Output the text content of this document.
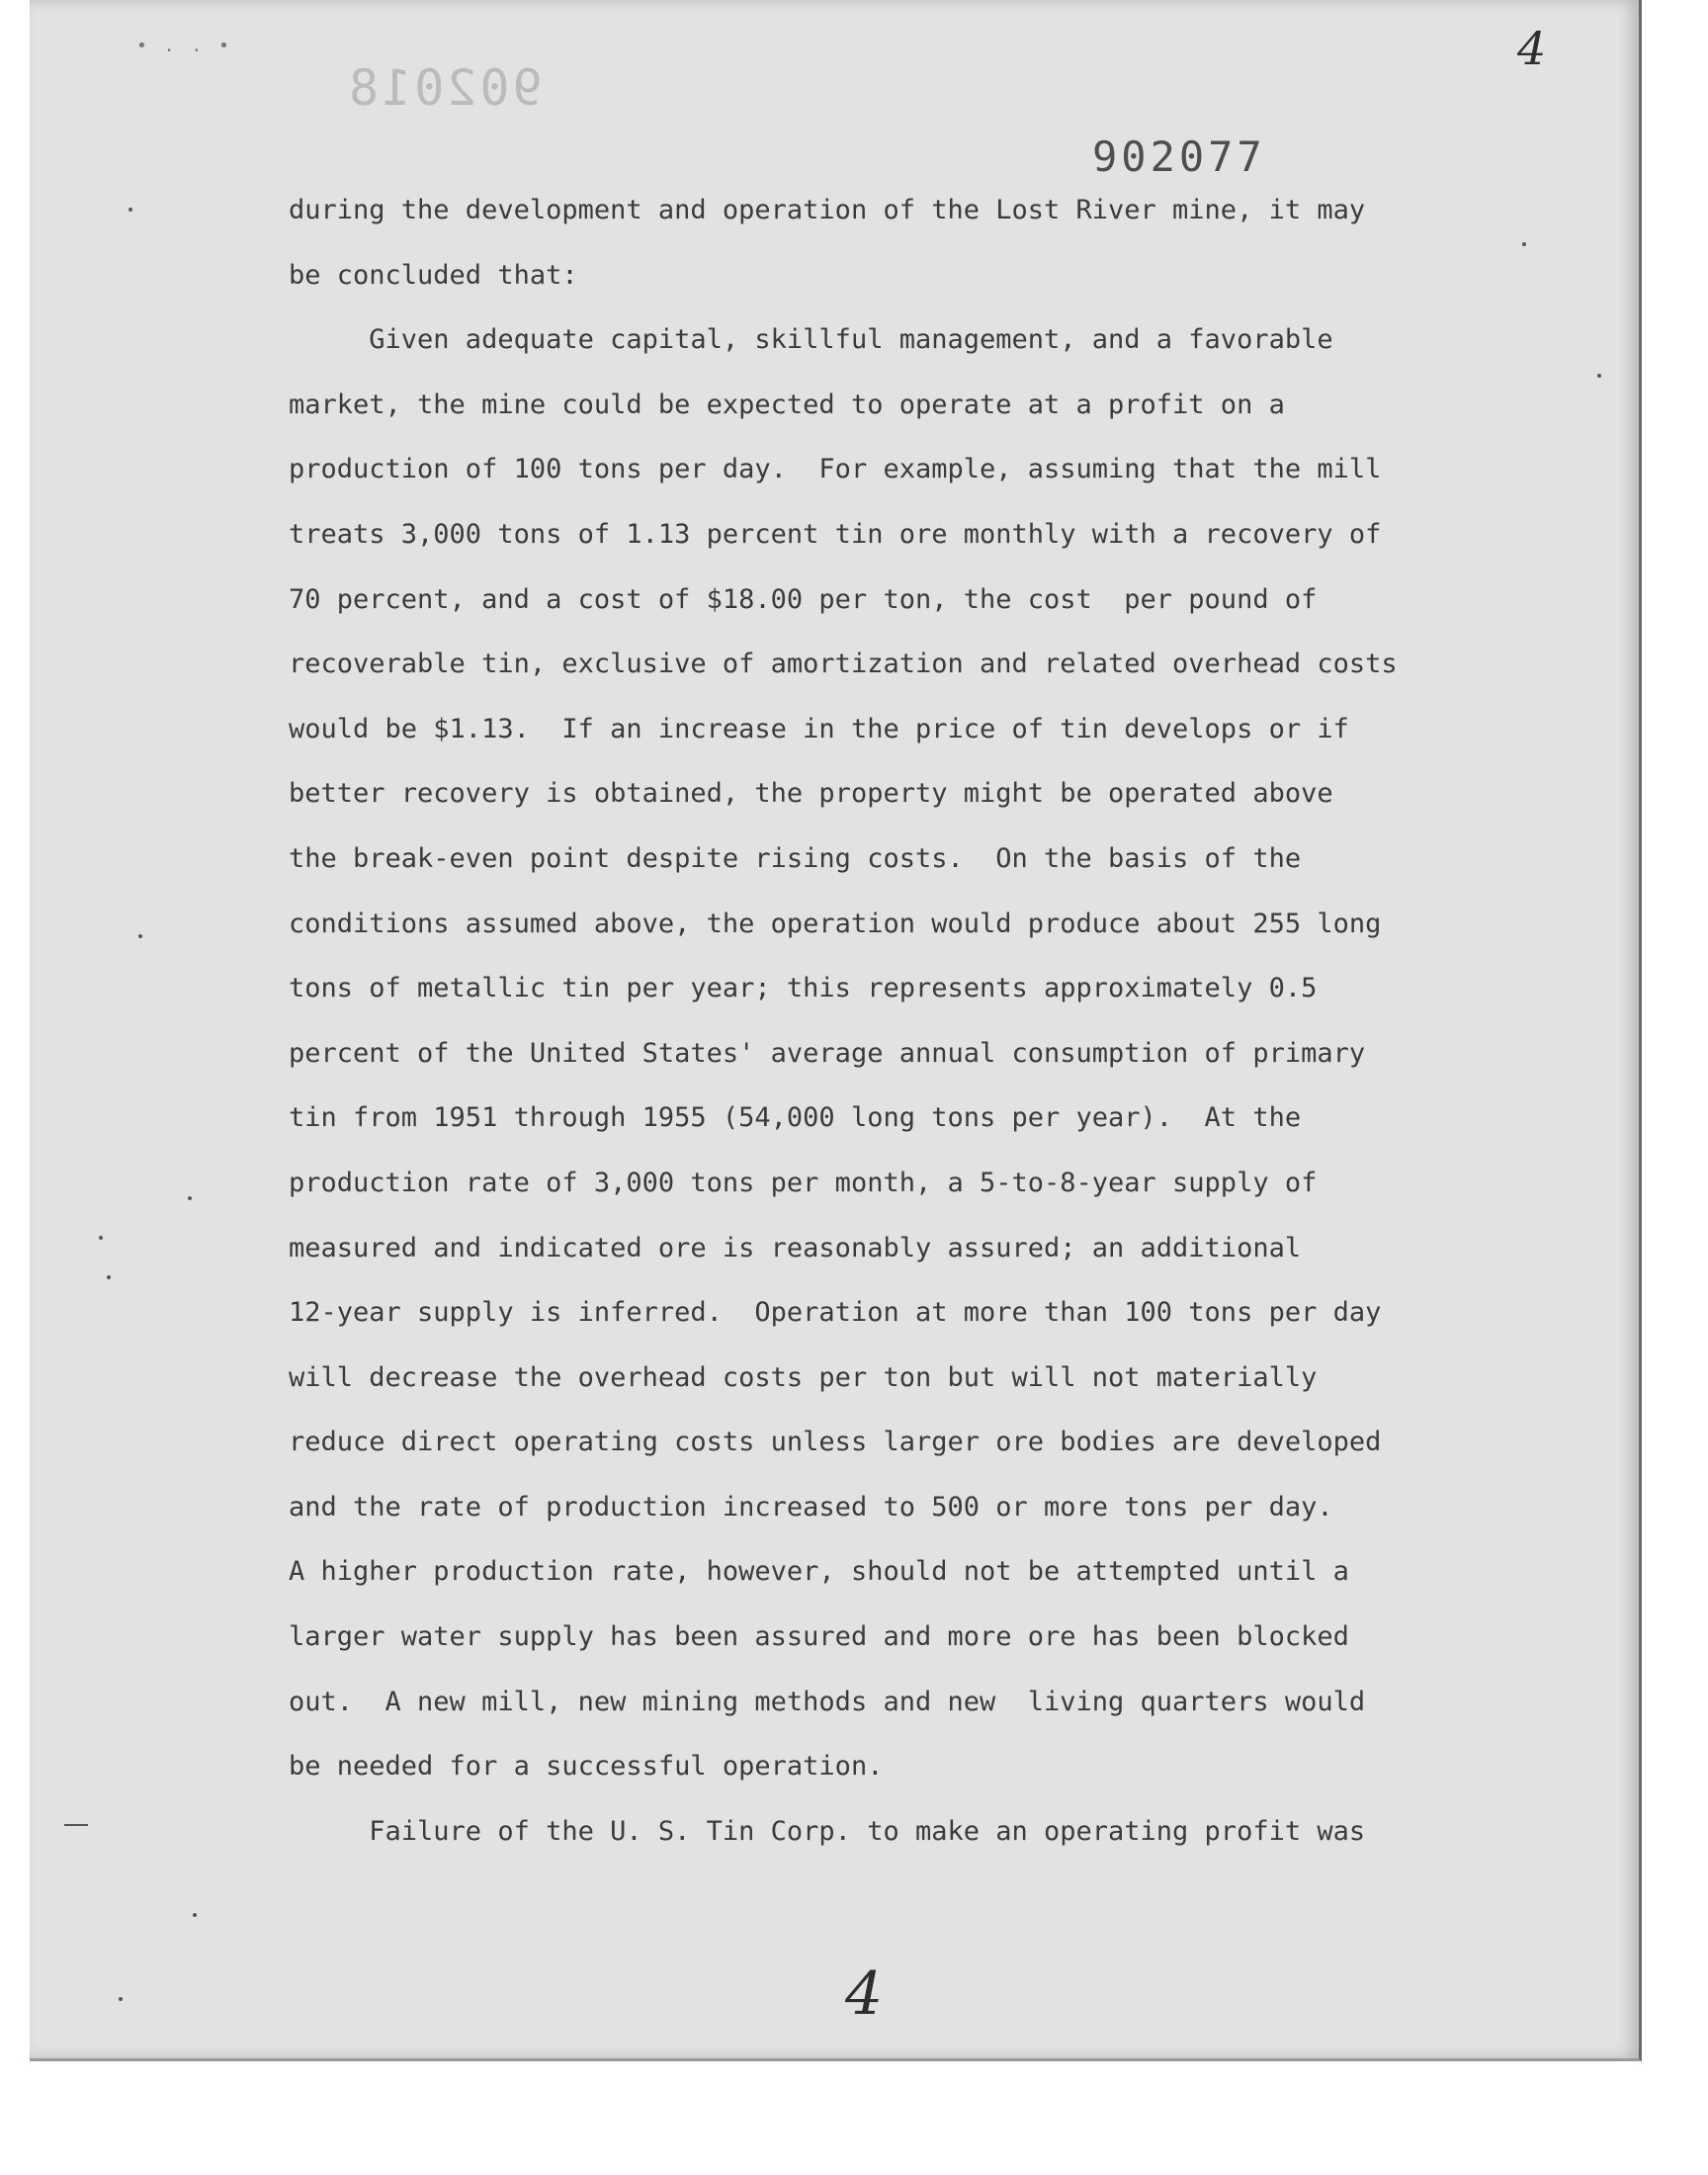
• . . •	4
902018
902077
during the development and operation of the Lost River mine, it may
be concluded that:
Given adequate capital, skillful management, and a favorable
market, the mine could be expected to operate at a profit on a
production of 100 tons per day.  For example, assuming that the mill
treats 3,000 tons of 1.13 percent tin ore monthly with a recovery of
70 percent, and a cost of $18.00 per ton, the cost  per pound of
recoverable tin, exclusive of amortization and related overhead costs
would be $1.13.  If an increase in the price of tin develops or if
better recovery is obtained, the property might be operated above
the break-even point despite rising costs.  On the basis of the
conditions assumed above, the operation would produce about 255 long
tons of metallic tin per year; this represents approximately 0.5
percent of the United States' average annual consumption of primary
tin from 1951 through 1955 (54,000 long tons per year).  At the
production rate of 3,000 tons per month, a 5-to-8-year supply of
measured and indicated ore is reasonably assured; an additional
12-year supply is inferred.  Operation at more than 100 tons per day
will decrease the overhead costs per ton but will not materially
reduce direct operating costs unless larger ore bodies are developed
and the rate of production increased to 500 or more tons per day.
A higher production rate, however, should not be attempted until a
larger water supply has been assured and more ore has been blocked
out.  A new mill, new mining methods and new  living quarters would
be needed for a successful operation.
Failure of the U. S. Tin Corp. to make an operating profit was
4
